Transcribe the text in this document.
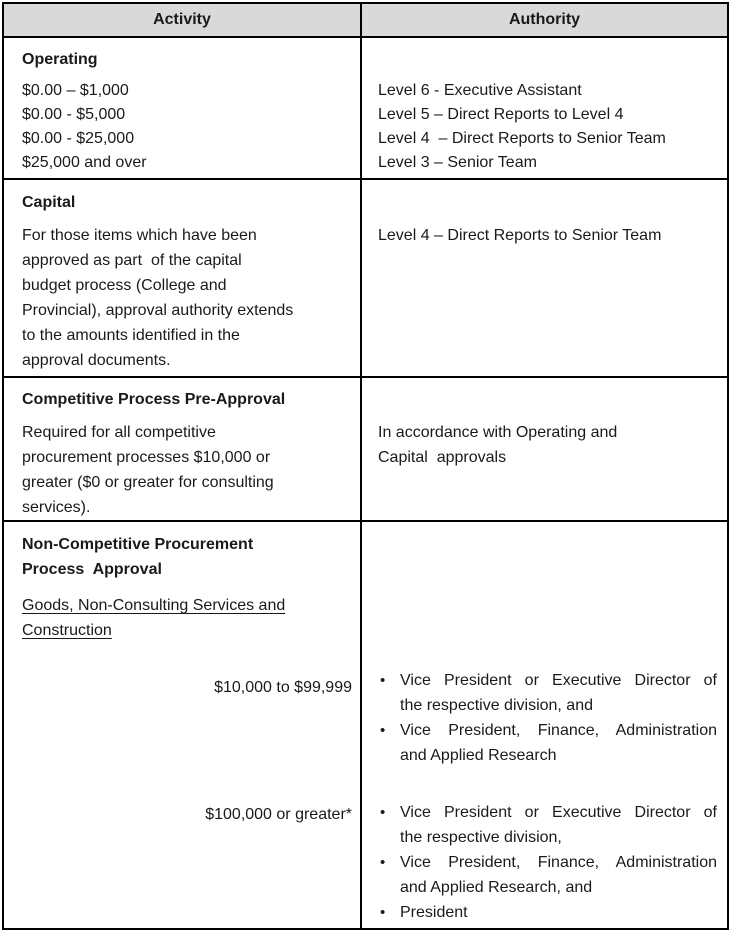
Activity	Authority
Operating
$0.00 – $1,000
$0.00 - $5,000
$0.00 - $25,000
$25,000 and over
Level 6 - Executive Assistant
Level 5 – Direct Reports to Level 4
Level 4  – Direct Reports to Senior Team
Level 3 – Senior Team
Capital
For those items which have been
approved as part  of the capital
budget process (College and
Provincial), approval authority extends
to the amounts identified in the
approval documents.
Level 4 – Direct Reports to Senior Team
Competitive Process Pre-Approval
Required for all competitive
procurement processes $10,000 or
greater ($0 or greater for consulting
services).
In accordance with Operating and
Capital  approvals
Non-Competitive Procurement
Process  Approval
Goods, Non-Consulting Services and
Construction
$10,000 to $99,999
$100,000 or greater*
• Vice President or Executive Director of
the respective division, and
• Vice President, Finance, Administration
and Applied Research
• Vice President or Executive Director of
the respective division,
• Vice President, Finance, Administration
and Applied Research, and
• President
